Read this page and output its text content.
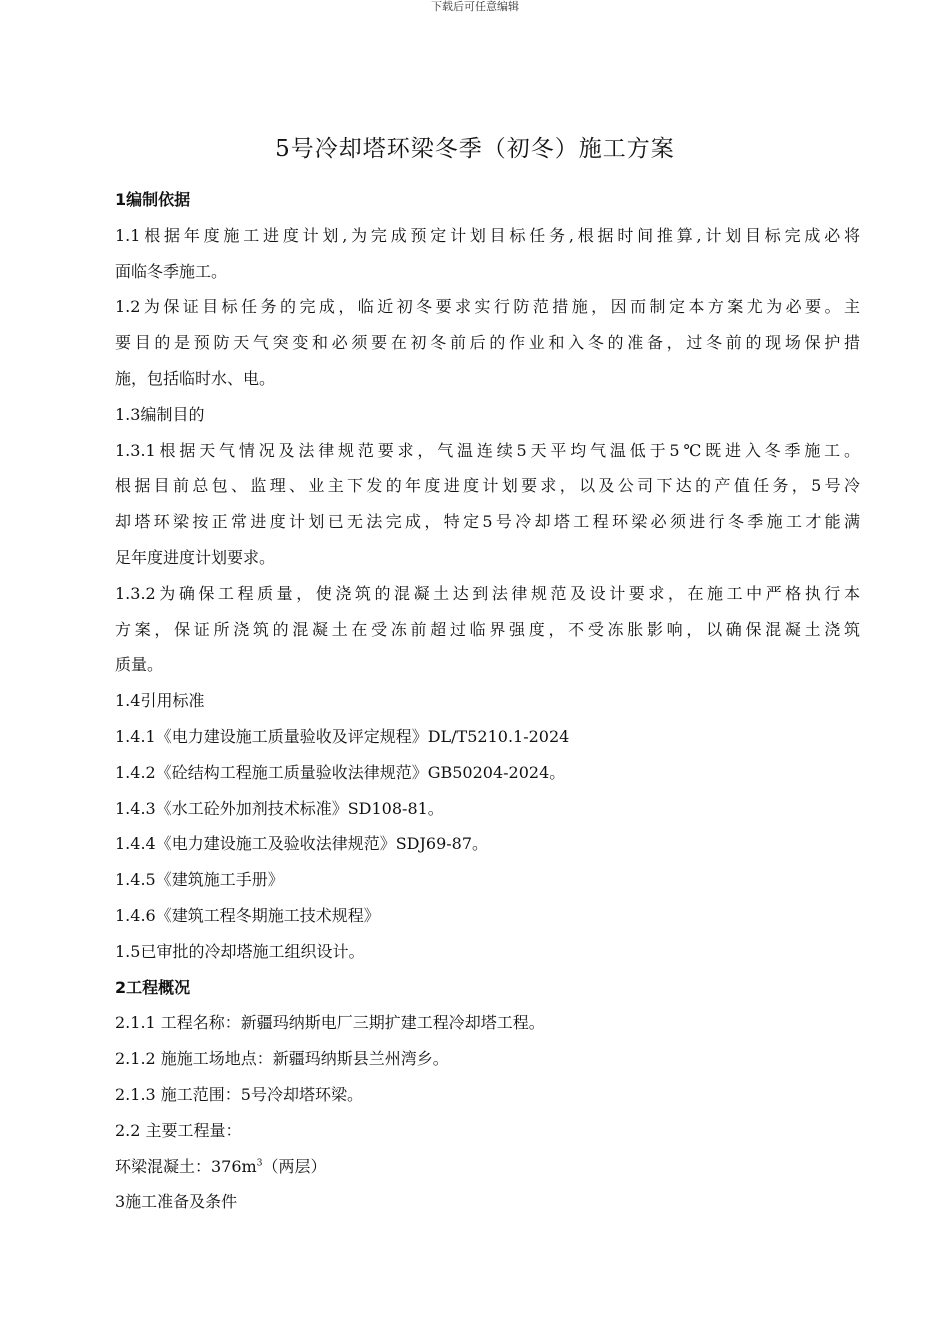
下载后可任意编辑
5号冷却塔环梁冬季（初冬）施工方案
1编制依据
1.1根据年度施工进度计划,为完成预定计划目标任务,根据时间推算,计划目标完成必将
面临冬季施工。
1.2为保证目标任务的完成，临近初冬要求实行防范措施，因而制定本方案尤为必要。主
要目的是预防天气突变和必须要在初冬前后的作业和入冬的准备，过冬前的现场保护措
施，包括临时水、电。
1.3编制目的
1.3.1根据天气情况及法律规范要求，气温连续5天平均气温低于5℃既进入冬季施工。
根据目前总包、监理、业主下发的年度进度计划要求，以及公司下达的产值任务，5号冷
却塔环梁按正常进度计划已无法完成，特定5号冷却塔工程环梁必须进行冬季施工才能满
足年度进度计划要求。
1.3.2为确保工程质量，使浇筑的混凝土达到法律规范及设计要求，在施工中严格执行本
方案，保证所浇筑的混凝土在受冻前超过临界强度，不受冻胀影响，以确保混凝土浇筑
质量。
1.4引用标准
1.4.1《电力建设施工质量验收及评定规程》DL/T5210.1-2024
1.4.2《砼结构工程施工质量验收法律规范》GB50204-2024。
1.4.3《水工砼外加剂技术标准》SD108-81。
1.4.4《电力建设施工及验收法律规范》SDJ69-87。
1.4.5《建筑施工手册》
1.4.6《建筑工程冬期施工技术规程》
1.5已审批的冷却塔施工组织设计。
2工程概况
2.1.1 工程名称：新疆玛纳斯电厂三期扩建工程冷却塔工程。
2.1.2 施施工场地点：新疆玛纳斯县兰州湾乡。
2.1.3 施工范围：5号冷却塔环梁。
2.2 主要工程量：
环梁混凝土：$376m^3$（两层）
3施工准备及条件
